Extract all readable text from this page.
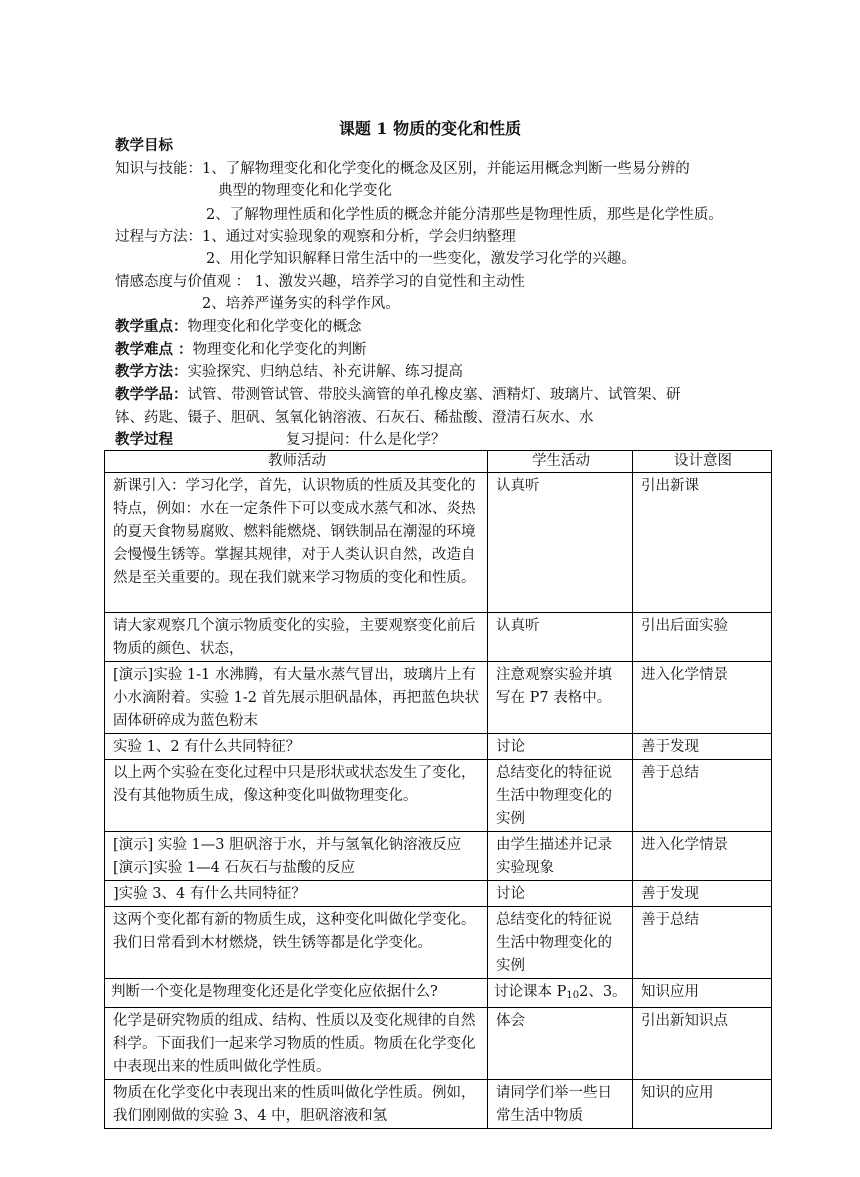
课题 1 物质的变化和性质
教学目标
知识与技能：1、了解物理变化和化学变化的概念及区别，并能运用概念判断一些易分辨的
典型的物理变化和化学变化
2、了解物理性质和化学性质的概念并能分清那些是物理性质，那些是化学性质。
过程与方法：1、通过对实验现象的观察和分析，学会归纳整理
2、用化学知识解释日常生活中的一些变化，激发学习化学的兴趣。
情感态度与价值观 ： 1、激发兴趣，培养学习的自觉性和主动性
2、培养严谨务实的科学作风。
教学重点：物理变化和化学变化的概念
教学难点 ：物理变化和化学变化的判断
教学方法：实验探究、归纳总结、补充讲解、练习提高
教学学品：试管、带测管试管、带胶头滴管的单孔橡皮塞、酒精灯、玻璃片、试管架、研
钵、药匙、镊子、胆矾、氢氧化钠溶液、石灰石、稀盐酸、澄清石灰水、水
教学过程	复习提问：什么是化学？
教师活动	学生活动	设计意图
新课引入：学习化学，首先，认识物质的性质及其变化的特点，例如：水在一定条件下可以变成水蒸气和冰、炎热的夏天食物易腐败、燃料能燃烧、钢铁制品在潮湿的环境会慢慢生锈等。掌握其规律，对于人类认识自然，改造自然是至关重要的。现在我们就来学习物质的变化和性质。	认真听	引出新课
请大家观察几个演示物质变化的实验，主要观察变化前后物质的颜色、状态，	认真听	引出后面实验
[演示]实验 1-1 水沸腾，有大量水蒸气冒出，玻璃片上有小水滴附着。实验 1-2 首先展示胆矾晶体，再把蓝色块状固体研碎成为蓝色粉末	注意观察实验并填写在 P7 表格中。	进入化学情景
实验 1、2 有什么共同特征？	讨论	善于发现
以上两个实验在变化过程中只是形状或状态发生了变化，没有其他物质生成，像这种变化叫做物理变化。	总结变化的特征说生活中物理变化的实例	善于总结
[演示] 实验 1—3 胆矾溶于水，并与氢氧化钠溶液反应 [演示]实验 1—4 石灰石与盐酸的反应	由学生描述并记录实验现象	进入化学情景
]实验 3、4 有什么共同特征？	讨论	善于发现
这两个变化都有新的物质生成，这种变化叫做化学变化。我们日常看到木材燃烧，铁生锈等都是化学变化。	总结变化的特征说生活中物理变化的实例	善于总结
判断一个变化是物理变化还是化学变化应依据什么?	讨论课本 $P_{10}2$、3。	知识应用
化学是研究物质的组成、结构、性质以及变化规律的自然科学。下面我们一起来学习物质的性质。物质在化学变化中表现出来的性质叫做化学性质。	体会	引出新知识点
物质在化学变化中表现出来的性质叫做化学性质。例如，我们刚刚做的实验 3、4 中，胆矾溶液和氢	请同学们举一些日常生活中物质	知识的应用
